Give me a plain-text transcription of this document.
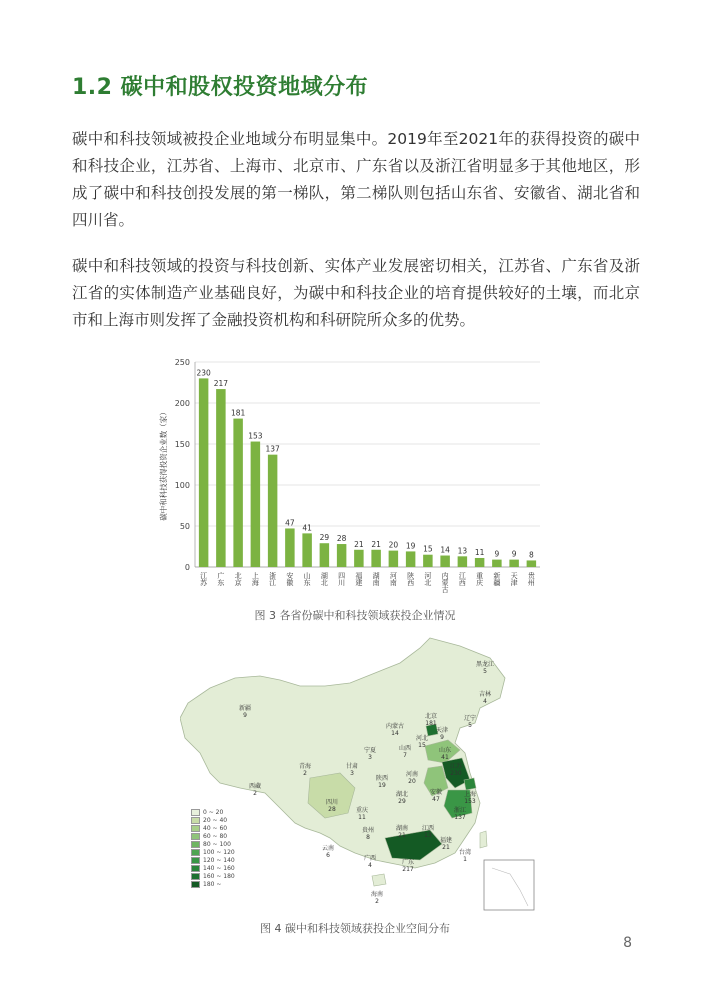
1.2 碳中和股权投资地域分布
碳中和科技领域被投企业地域分布明显集中。2019年至2021年的获得投资的碳中和科技企业，江苏省、上海市、北京市、广东省以及浙江省明显多于其他地区，形成了碳中和科技创投发展的第一梯队，第二梯队则包括山东省、安徽省、湖北省和四川省。
碳中和科技领域的投资与科技创新、实体产业发展密切相关，江苏省、广东省及浙江省的实体制造产业基础良好，为碳中和科技企业的培育提供较好的土壤，而北京市和上海市则发挥了金融投资机构和科研院所众多的优势。
0
50
100
150
200
250
230
江苏
217
广东
181
北京
153
上海
137
浙江
47
安徽
41
山东
29
湖北
28
四川
21
福建
21
湖南
20
河南
19
陕西
15
河北
14
内蒙古
13
江西
11
重庆
9
新疆
9
天津
8
贵州
碳中和科技获得投资企业数（家）
图 3 各省份碳中和科技领域获投企业情况
黑龙江
5
吉林
4
辽宁
5
内蒙古
14
新疆
9
青海
2
西藏
2
甘肃
3
宁夏
3
山西
7
河北
15
北京
181
天津
9
山东
41
陕西
19
河南
20
江苏
230
安徽
47
上海
153
四川
28
湖北
29
重庆
11
浙江
137
贵州
8
湖南
21
江西
13
福建
21
云南
6	广西
4	广东
217
台湾
1
海南
2
0 ~ 20
20 ~ 40
40 ~ 60
60 ~ 80
80 ~ 100
100 ~ 120
120 ~ 140
140 ~ 160
160 ~ 180
180 ~
图 4 碳中和科技领域获投企业空间分布
8
